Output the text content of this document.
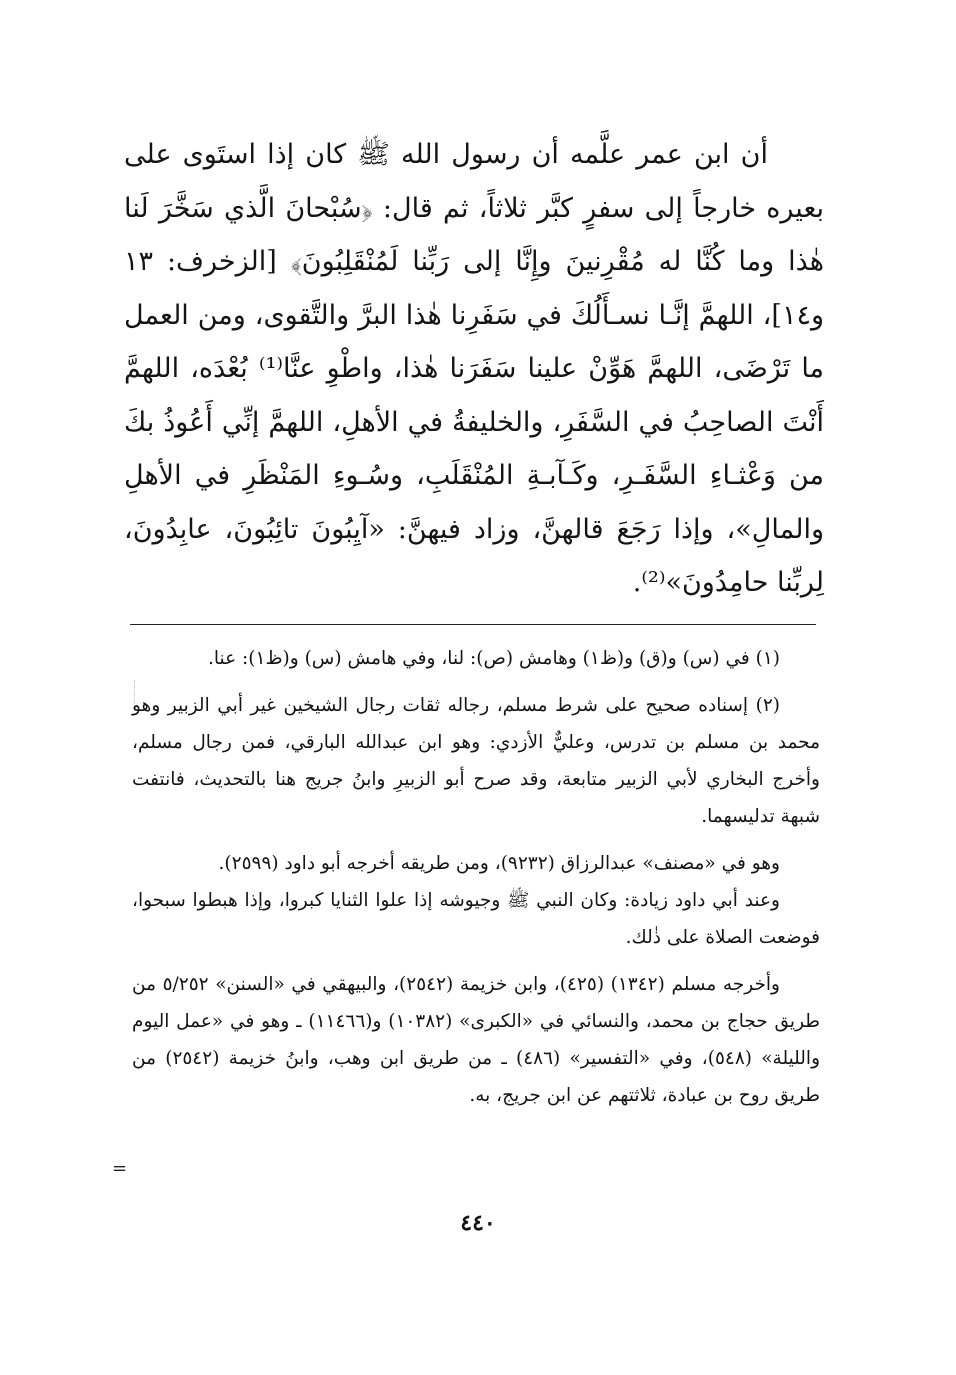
أن ابن عمر علَّمه أن رسول الله ﷺ كان إذا استَوى على بعيره خارجاً إلى سفرٍ كبَّر ثلاثاً، ثم قال: ﴿سُبْحانَ الَّذي سَخَّرَ لَنا هٰذا وما كُنَّا له مُقْرِنينَ وإِنَّا إلى رَبِّنا لَمُنْقَلِبُونَ﴾ [الزخرف: ١٣ و١٤]، اللهمَّ إنَّـا نسـأَلُكَ في سَفَرِنا هٰذا البرَّ والتَّقوى، ومن العمل ما تَرْضَى، اللهمَّ هَوِّنْ علينا سَفَرَنا هٰذا، واطْوِ عنَّا⁽¹⁾ بُعْدَه، اللهمَّ أَنْتَ الصاحِبُ في السَّفَرِ، والخليفةُ في الأهلِ، اللهمَّ إنِّي أَعُوذُ بكَ من وَعْثـاءِ السَّفَـرِ، وكَـآبـةِ المُنْقَلَبِ، وسُـوءِ المَنْظَرِ في الأهلِ والمالِ»، وإذا رَجَعَ قالهنَّ، وزاد فيهنَّ: «آيِبُونَ تائِبُونَ، عابِدُونَ، لِربِّنا حامِدُونَ»⁽²⁾.

(١) في (س) و(ق) و(ظ١) وهامش (ص): لنا، وفي هامش (س) و(ظ١): عنا.

(٢) إسناده صحيح على شرط مسلم، رجاله ثقات رجال الشيخين غير أبي الزبير وهو محمد بن مسلم بن تدرس، وعليٌّ الأزدي: وهو ابن عبدالله البارقي، فمن رجال مسلم، وأخرج البخاري لأبي الزبير متابعة، وقد صرح أبو الزبيرِ وابنُ جريج هنا بالتحديث، فانتفت شبهة تدليسهما.

وهو في «مصنف» عبدالرزاق (٩٢٣٢)، ومن طريقه أخرجه أبو داود (٢٥٩٩).

وعند أبي داود زيادة: وكان النبي ﷺ وجيوشه إذا علوا الثنايا كبروا، وإذا هبطوا سبحوا، فوضعت الصلاة على ذٰلك.

وأخرجه مسلم (١٣٤٢) (٤٢٥)، وابن خزيمة (٢٥٤٢)، والبيهقي في «السنن» ٥/٢٥٢ من طريق حجاج بن محمد، والنسائي في «الكبرى» (١٠٣٨٢) و(١١٤٦٦) ـ وهو في «عمل اليوم والليلة» (٥٤٨)، وفي «التفسير» (٤٨٦) ـ من طريق ابن وهب، وابنُ خزيمة (٢٥٤٢) من طريق روح بن عبادة، ثلاثتهم عن ابن جريج، به.

=
٤٤٠
